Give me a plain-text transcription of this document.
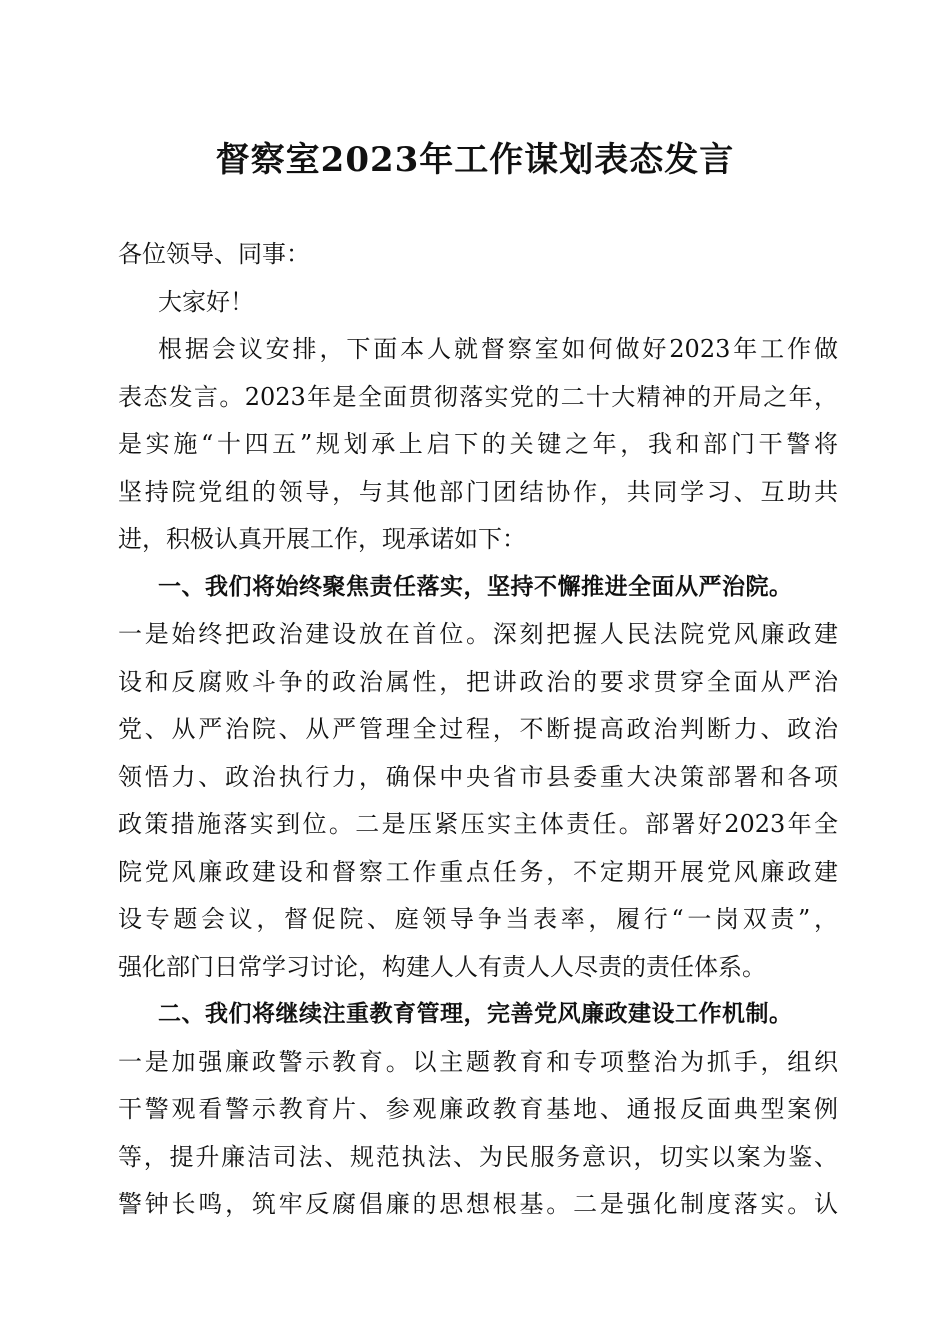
督察室2023年工作谋划表态发言
各位领导、同事：
大家好！
根据会议安排，下面本人就督察室如何做好2023年工作做
表态发言。2023年是全面贯彻落实党的二十大精神的开局之年，
是实施“十四五”规划承上启下的关键之年，我和部门干警将
坚持院党组的领导，与其他部门团结协作，共同学习、互助共
进，积极认真开展工作，现承诺如下：
一、我们将始终聚焦责任落实，坚持不懈推进全面从严治院。
一是始终把政治建设放在首位。深刻把握人民法院党风廉政建
设和反腐败斗争的政治属性，把讲政治的要求贯穿全面从严治
党、从严治院、从严管理全过程，不断提高政治判断力、政治
领悟力、政治执行力，确保中央省市县委重大决策部署和各项
政策措施落实到位。二是压紧压实主体责任。部署好2023年全
院党风廉政建设和督察工作重点任务，不定期开展党风廉政建
设专题会议，督促院、庭领导争当表率，履行“一岗双责”，
强化部门日常学习讨论，构建人人有责人人尽责的责任体系。
二、我们将继续注重教育管理，完善党风廉政建设工作机制。
一是加强廉政警示教育。以主题教育和专项整治为抓手，组织
干警观看警示教育片、参观廉政教育基地、通报反面典型案例
等，提升廉洁司法、规范执法、为民服务意识，切实以案为鉴、
警钟长鸣，筑牢反腐倡廉的思想根基。二是强化制度落实。认
